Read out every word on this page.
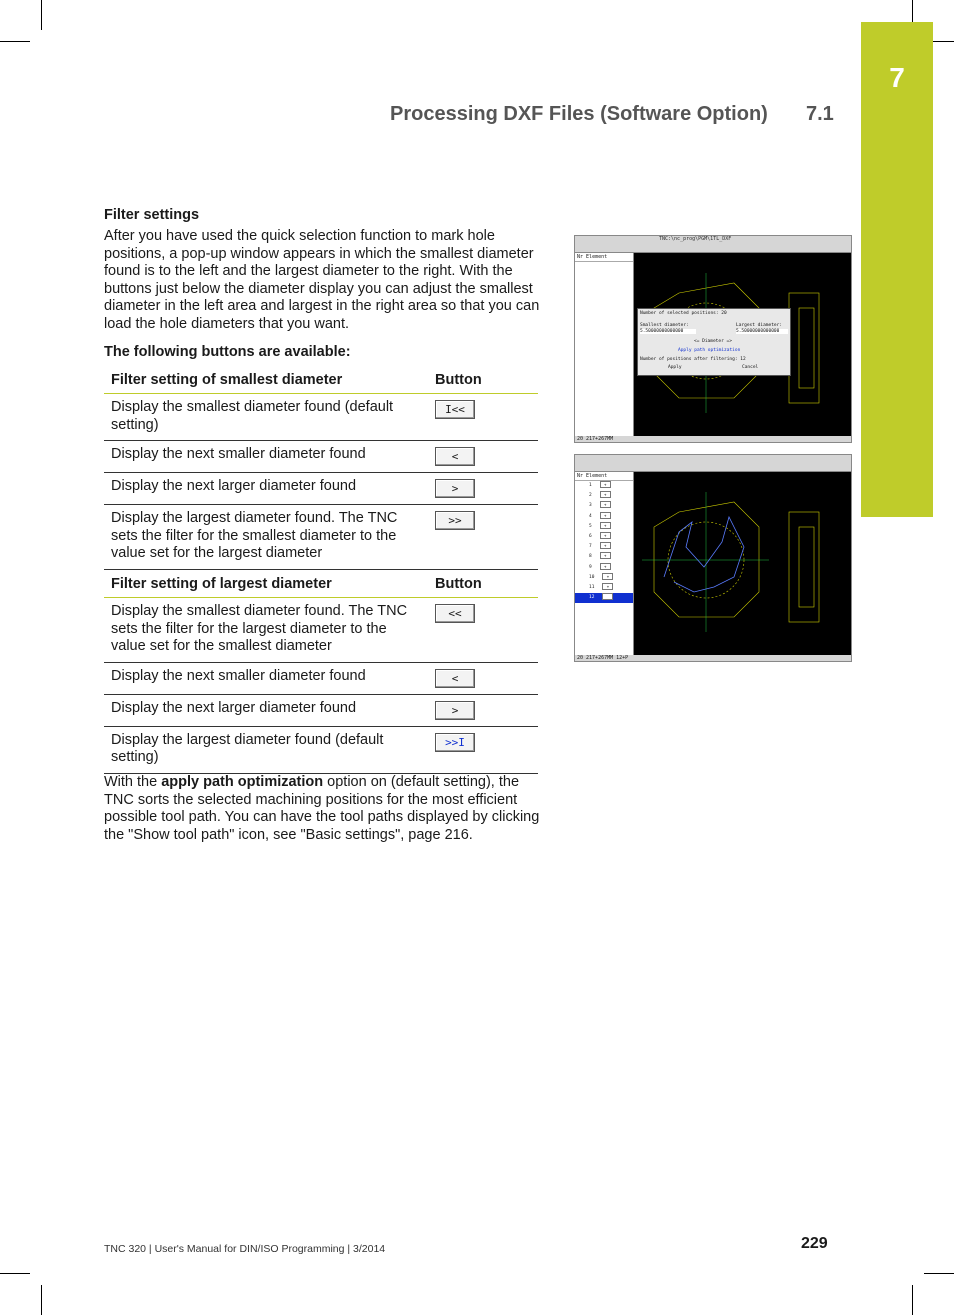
7
Processing DXF Files (Software Option) 7.1
Filter settings
After you have used the quick selection function to mark hole positions, a pop-up window appears in which the smallest diameter found is to the left and the largest diameter to the right. With the buttons just below the diameter display you can adjust the smallest diameter in the left area and largest in the right area so that you can load the hole diameters that you want.
The following buttons are available:
Filter setting of smallest diameter	Button
Display the smallest diameter found (default setting)	I<<
Display the next smaller diameter found	<
Display the next larger diameter found	>
Display the largest diameter found. The TNC sets the filter for the smallest diameter to the value set for the largest diameter	>>
Filter setting of largest diameter	Button
Display the smallest diameter found. The TNC sets the filter for the largest diameter to the value set for the smallest diameter	<<
Display the next smaller diameter found	<
Display the next larger diameter found	>
Display the largest diameter found (default setting)	>>I
With the apply path optimization option on (default setting), the TNC sorts the selected machining positions for the most efficient possible tool path. You can have the tool paths displayed by clicking the "Show tool path" icon, see "Basic settings", page 216.
TNC:\nc_prog\PGM\1TL_DXF
Nr Element
Number of selected positions: 20
Smallest diameter:	Largest diameter:
5.50000000000000	5.50000000000000
<= Diameter =>
Apply path optimization
Number of positions after filtering: 12
Apply	Cancel
20 217+267MM
Nr Element
1	+
2	+
3	+
4	+
5	+
6	+
7	+
8	+
9	+
10	+
11	+
12	+
20 217+267MM 12+P
TNC 320 | User's Manual for DIN/ISO Programming | 3/2014	229
